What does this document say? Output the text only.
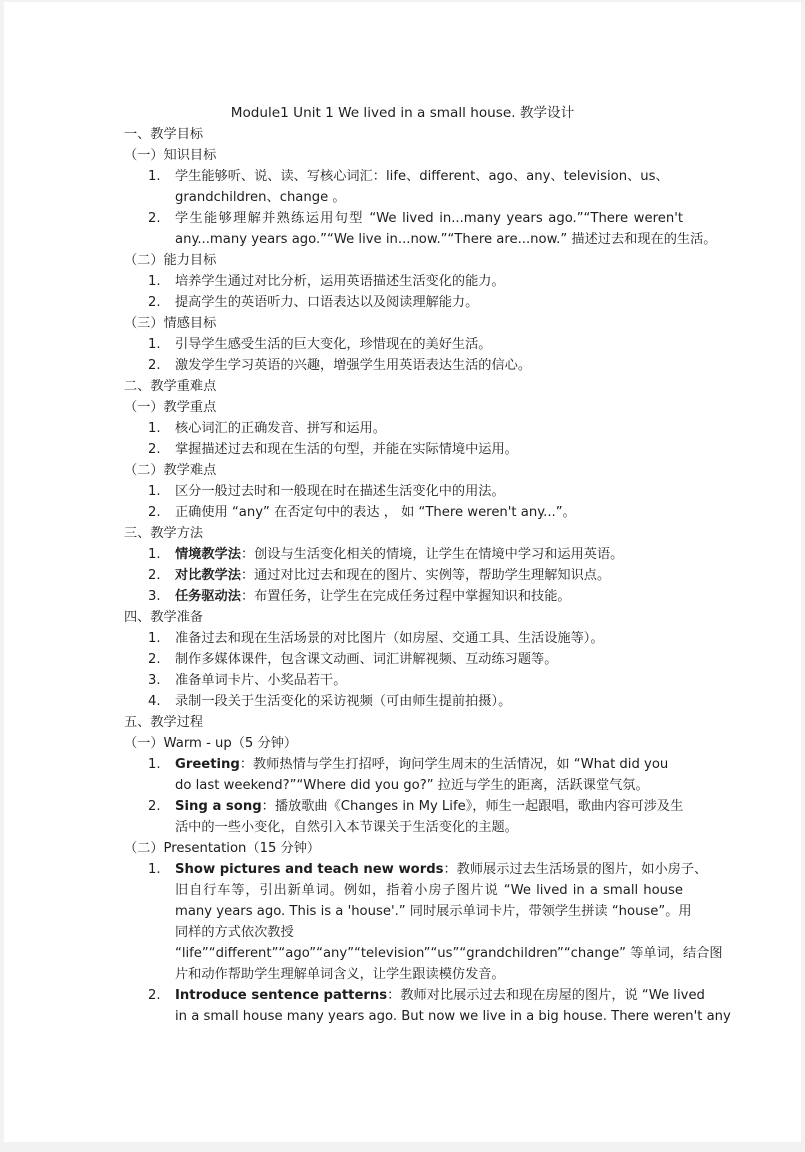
Module1 Unit 1 We lived in a small house. 教学设计
一、教学目标
（一）知识目标
1. 学生能够听、说、读、写核心词汇：life、different、ago、any、television、us、
grandchildren、change 。
2. 学生能够理解并熟练运用句型 “We lived in...many years ago.”“There weren't
any...many years ago.”“We live in...now.”“There are...now.” 描述过去和现在的生活。
（二）能力目标
1. 培养学生通过对比分析，运用英语描述生活变化的能力。
2. 提高学生的英语听力、口语表达以及阅读理解能力。
（三）情感目标
1. 引导学生感受生活的巨大变化，珍惜现在的美好生活。
2. 激发学生学习英语的兴趣，增强学生用英语表达生活的信心。
二、教学重难点
（一）教学重点
1. 核心词汇的正确发音、拼写和运用。
2. 掌握描述过去和现在生活的句型，并能在实际情境中运用。
（二）教学难点
1. 区分一般过去时和一般现在时在描述生活变化中的用法。
2. 正确使用 “any” 在否定句中的表达 ， 如 “There weren't any...”。
三、教学方法
1. 情境教学法：创设与生活变化相关的情境，让学生在情境中学习和运用英语。
2. 对比教学法：通过对比过去和现在的图片、实例等，帮助学生理解知识点。
3. 任务驱动法：布置任务，让学生在完成任务过程中掌握知识和技能。
四、教学准备
1. 准备过去和现在生活场景的对比图片（如房屋、交通工具、生活设施等）。
2. 制作多媒体课件，包含课文动画、词汇讲解视频、互动练习题等。
3. 准备单词卡片、小奖品若干。
4. 录制一段关于生活变化的采访视频（可由师生提前拍摄）。
五、教学过程
（一）Warm - up（5 分钟）
1. Greeting：教师热情与学生打招呼，询问学生周末的生活情况，如 “What did you
do last weekend?”“Where did you go?” 拉近与学生的距离，活跃课堂气氛。
2. Sing a song：播放歌曲《Changes in My Life》，师生一起跟唱，歌曲内容可涉及生
活中的一些小变化，自然引入本节课关于生活变化的主题。
（二）Presentation（15 分钟）
1. Show pictures and teach new words：教师展示过去生活场景的图片，如小房子、
旧自行车等，引出新单词。例如，指着小房子图片说 “We lived in a small house
many years ago. This is a 'house'.” 同时展示单词卡片，带领学生拼读 “house”。用
同样的方式依次教授
“life”“different”“ago”“any”“television”“us”“grandchildren”“change” 等单词，结合图
片和动作帮助学生理解单词含义，让学生跟读模仿发音。
2. Introduce sentence patterns：教师对比展示过去和现在房屋的图片，说 “We lived
in a small house many years ago. But now we live in a big house. There weren't any
